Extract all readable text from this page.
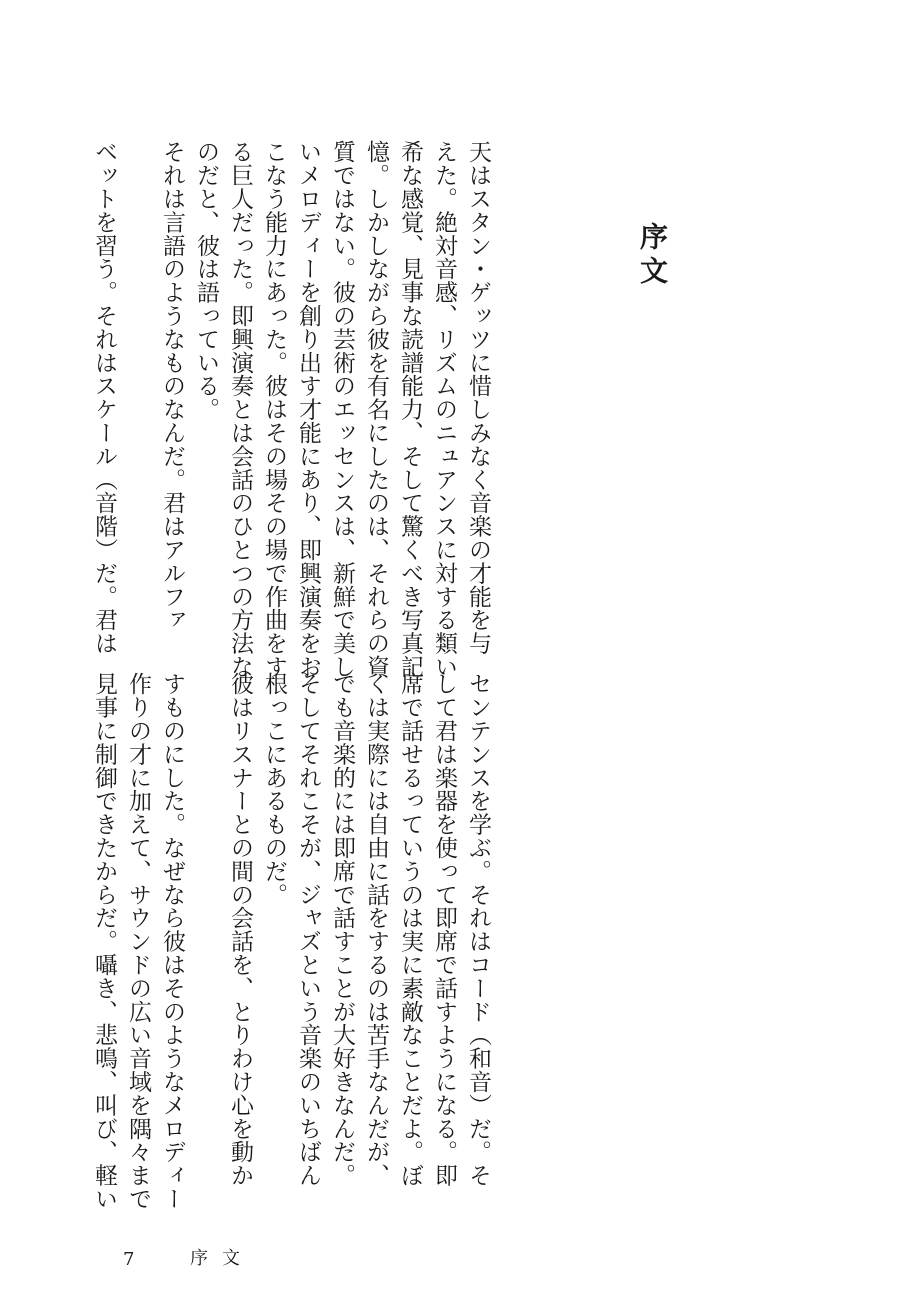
序文

天はスタン・ゲッツに惜しみなく音楽の才能を与

えた。絶対音感、リズムのニュアンスに対する類い

希な感覚、見事な読譜能力、そして驚くべき写真記

憶。しかしながら彼を有名にしたのは、それらの資

質ではない。彼の芸術のエッセンスは、新鮮で美し

いメロディーを創り出す才能にあり、即興演奏をお

こなう能力にあった。彼はその場その場で作曲をす

る巨人だった。即興演奏とは会話のひとつの方法な

のだと、彼は語っている。

それは言語のようなものなんだ。君はアルファ

ベットを習う。それはスケール（音階）だ。君は

センテンスを学ぶ。それはコード（和音）だ。そ

して君は楽器を使って即席で話すようになる。即

席で話せるっていうのは実に素敵なことだよ。ぼ

くは実際には自由に話をするのは苦手なんだが、

でも音楽的には即席で話すことが大好きなんだ。

そしてそれこそが、ジャズという音楽のいちばん

根っこにあるものだ。

彼はリスナーとの間の会話を、とりわけ心を動か

すものにした。なぜなら彼はそのようなメロディー

作りの才に加えて、サウンドの広い音域を隅々まで

見事に制御できたからだ。囁き、悲鳴、叫び、軽い

7	序文
